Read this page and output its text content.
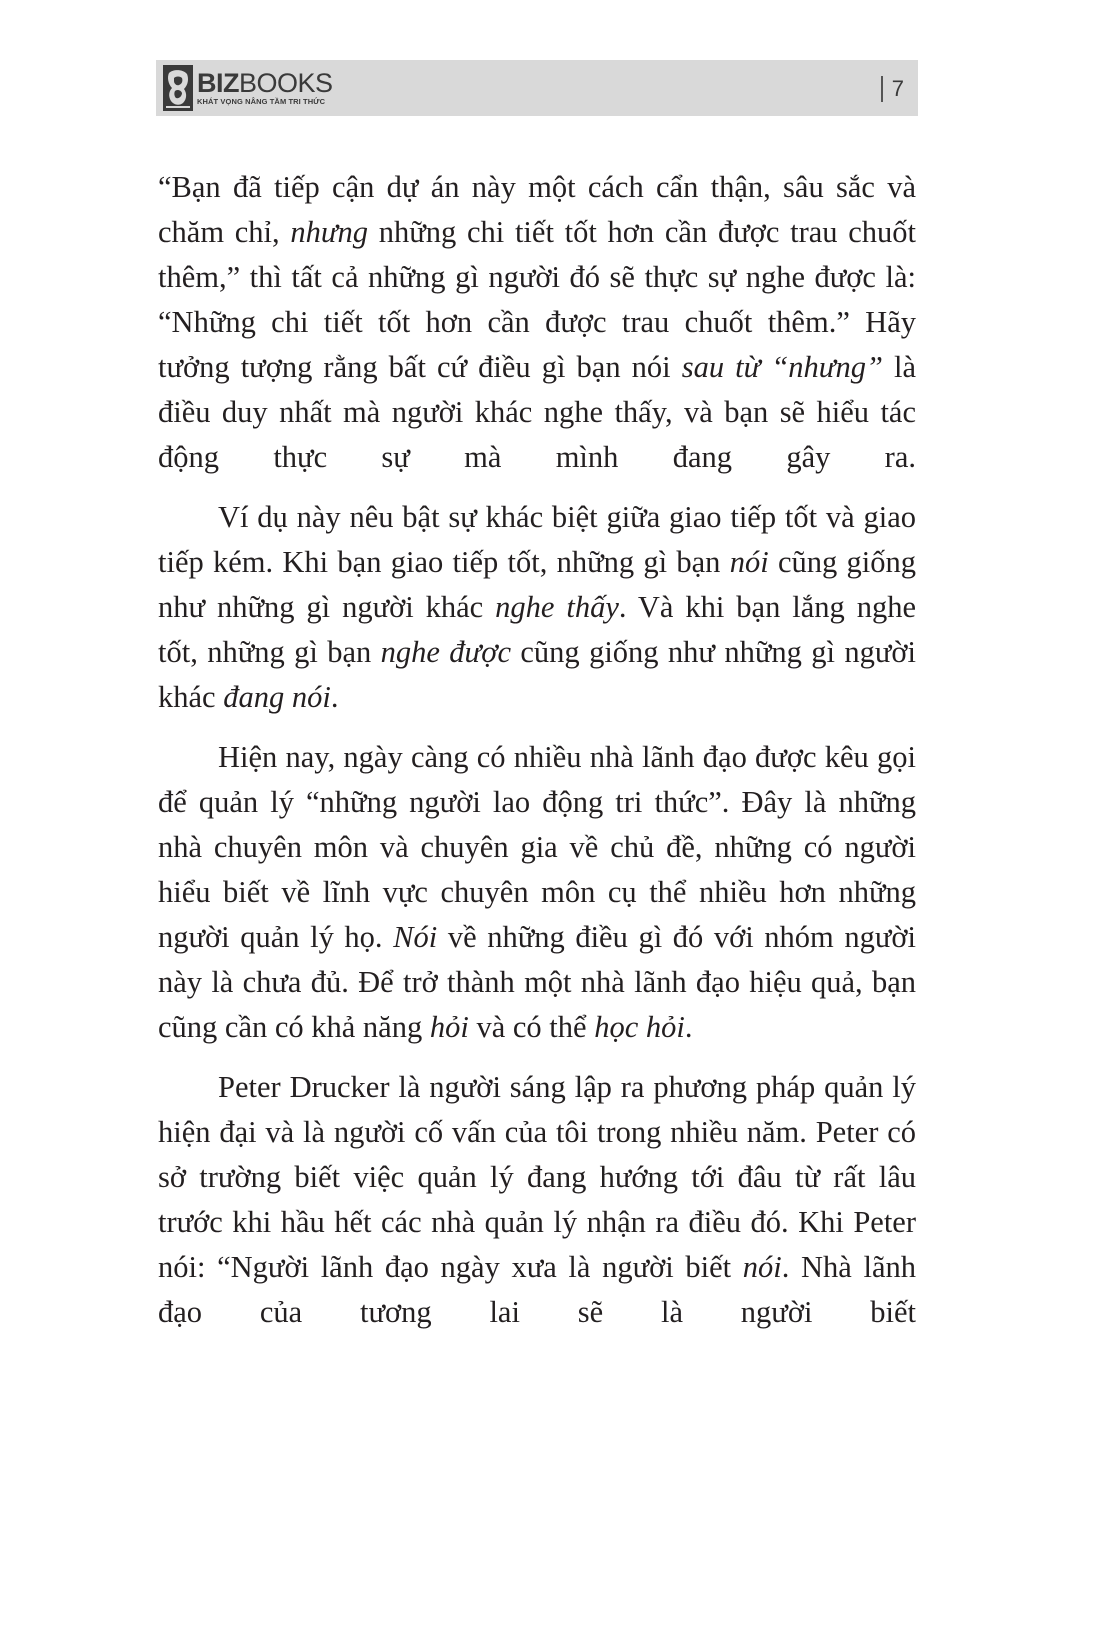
BIZBOOKS
KHÁT VỌNG NÂNG TẦM TRI THỨC	7

“Bạn đã tiếp cận dự án này một cách cẩn thận, sâu sắc và chăm chỉ, nhưng những chi tiết tốt hơn cần được trau chuốt thêm,” thì tất cả những gì người đó sẽ thực sự nghe được là: “Những chi tiết tốt hơn cần được trau chuốt thêm.” Hãy tưởng tượng rằng bất cứ điều gì bạn nói sau từ “nhưng” là điều duy nhất mà người khác nghe thấy, và bạn sẽ hiểu tác động thực sự mà mình đang gây ra.

Ví dụ này nêu bật sự khác biệt giữa giao tiếp tốt và giao tiếp kém. Khi bạn giao tiếp tốt, những gì bạn nói cũng giống như những gì người khác nghe thấy. Và khi bạn lắng nghe tốt, những gì bạn nghe được cũng giống như những gì người khác đang nói.

Hiện nay, ngày càng có nhiều nhà lãnh đạo được kêu gọi để quản lý “những người lao động tri thức”. Đây là những nhà chuyên môn và chuyên gia về chủ đề, những có người hiểu biết về lĩnh vực chuyên môn cụ thể nhiều hơn những người quản lý họ. Nói về những điều gì đó với nhóm người này là chưa đủ. Để trở thành một nhà lãnh đạo hiệu quả, bạn cũng cần có khả năng hỏi và có thể học hỏi.

Peter Drucker là người sáng lập ra phương pháp quản lý hiện đại và là người cố vấn của tôi trong nhiều năm. Peter có sở trường biết việc quản lý đang hướng tới đâu từ rất lâu trước khi hầu hết các nhà quản lý nhận ra điều đó. Khi Peter nói: “Người lãnh đạo ngày xưa là người biết nói. Nhà lãnh đạo của tương lai sẽ là người biết
